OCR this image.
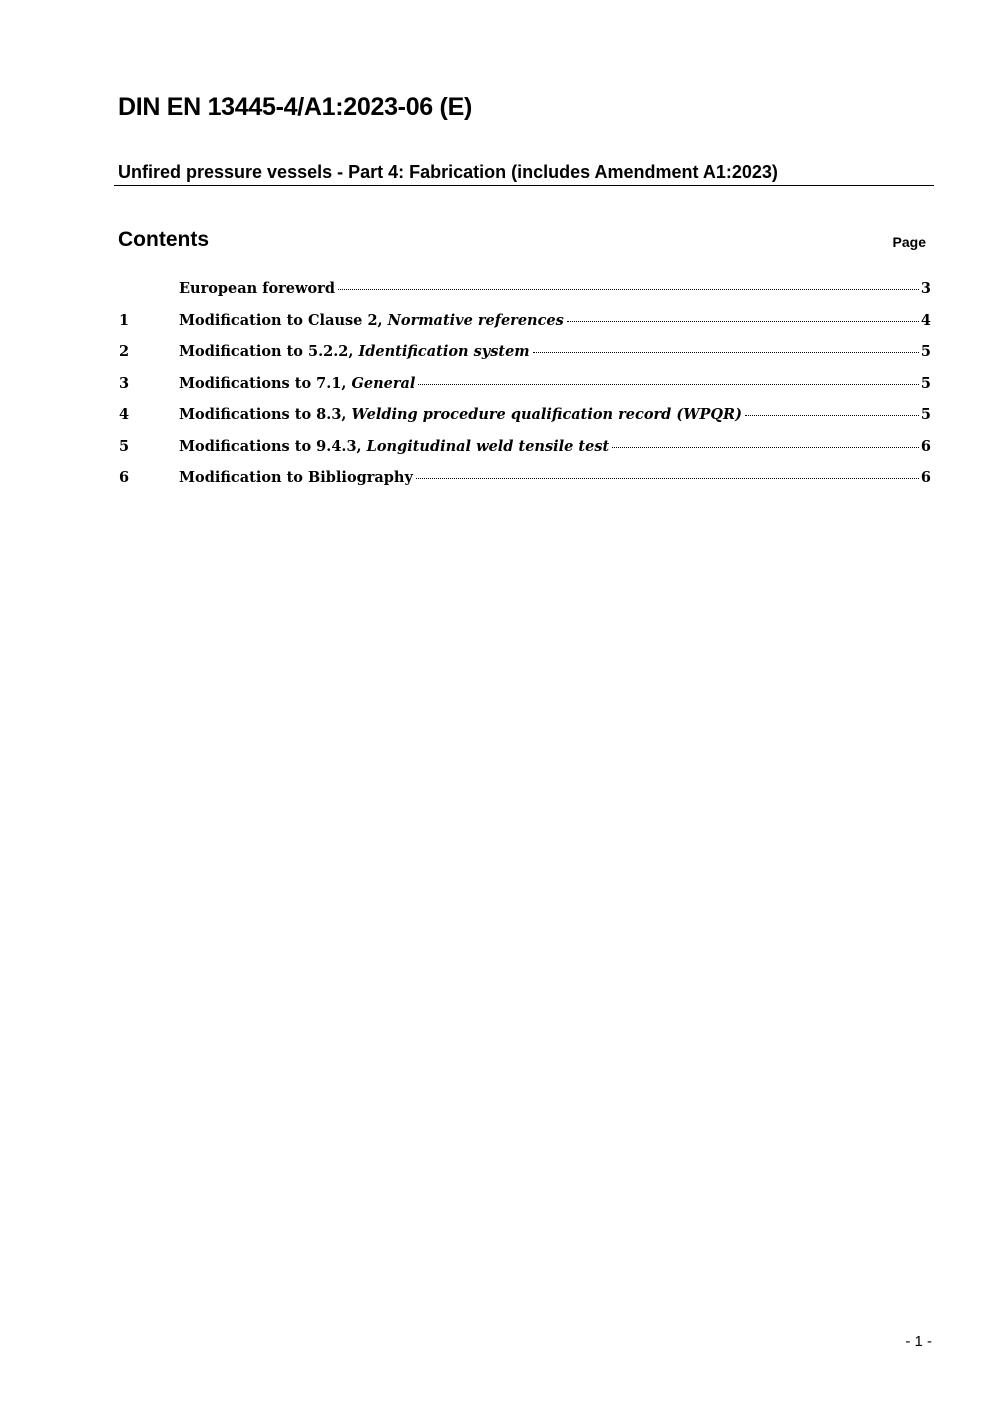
DIN EN 13445-4/A1:2023-06 (E)
Unfired pressure vessels - Part 4: Fabrication (includes Amendment A1:2023)
Contents	Page
European foreword	3
1	Modification to Clause 2, Normative references	4
2	Modification to 5.2.2, Identification system	5
3	Modifications to 7.1, General	5
4	Modifications to 8.3, Welding procedure qualification record (WPQR)	5
5	Modifications to 9.4.3, Longitudinal weld tensile test	6
6	Modification to Bibliography	6
- 1 -
